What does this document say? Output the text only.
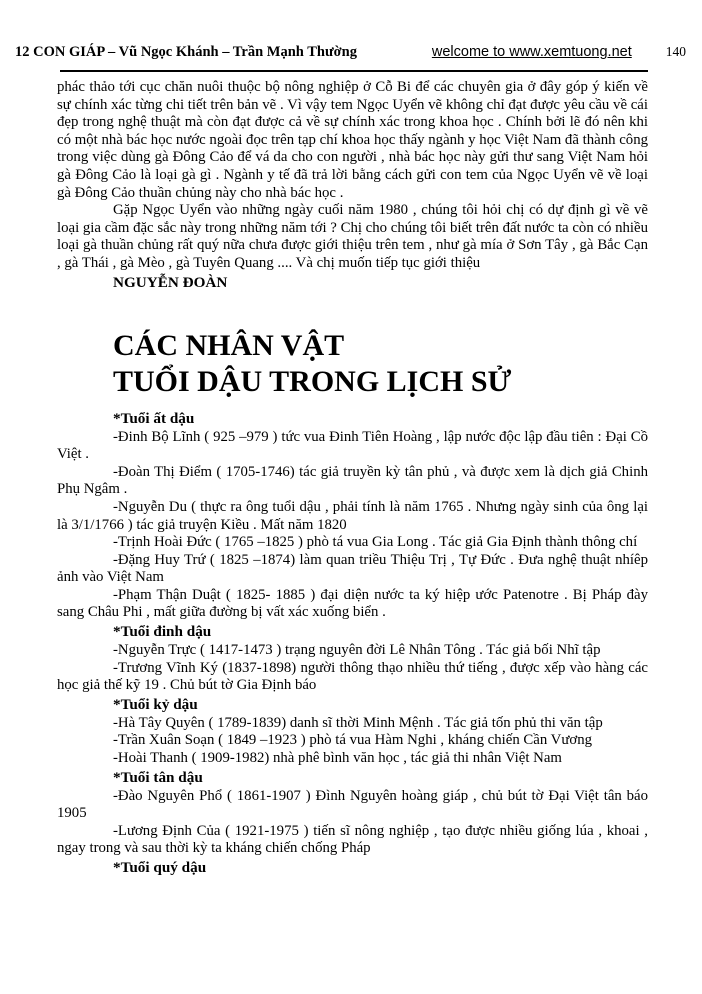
12 CON GIÁP – Vũ Ngọc Khánh – Trần Mạnh Thường	welcome to www.xemtuong.net	140

phác thảo tới cục chăn nuôi thuộc bộ nông nghiệp ở Cỗ Bi để các chuyên gia ở đây góp ý kiến về sự chính xác từng chi tiết trên bản vẽ . Vì vậy tem Ngọc Uyển vẽ không chỉ đạt được yêu cầu về cái đẹp trong nghệ thuật mà còn đạt được cả về sự chính xác trong khoa học . Chính bởi lẽ đó nên khi có một nhà bác học nước ngoài đọc trên tạp chí khoa học thấy ngành y học Việt Nam đã thành công trong việc dùng gà Đông Cảo để vá da cho con người , nhà bác học này gửi thư sang Việt Nam hỏi gà Đông Cảo là loại gà gì . Ngành y tế đã trả lời bằng cách gửi con tem của Ngọc Uyển vẽ về loại gà Đông Cảo thuần chủng này cho nhà bác học .

Gặp Ngọc Uyển vào những ngày cuối năm 1980 , chúng tôi hỏi chị có dự định gì về vẽ loại gia cầm đặc sắc này trong những năm tới ? Chị cho chúng tôi biết trên đất nước ta còn có nhiều loại gà thuần chủng rất quý nữa chưa được giới thiệu trên tem , như gà mía ở Sơn Tây , gà Bắc Cạn , gà Thái , gà Mèo , gà Tuyên Quang .... Và chị muốn tiếp tục giới thiệu

NGUYỄN ĐOÀN
CÁC NHÂN VẬT
TUỔI DẬU TRONG LỊCH SỬ
*Tuổi ất dậu

-Đinh Bộ Lĩnh ( 925 –979 ) tức vua Đinh Tiên Hoàng , lập nước độc lập đầu tiên : Đại Cồ Việt .

-Đoàn Thị Điểm ( 1705-1746) tác giả truyền kỳ tân phủ , và được xem là dịch giả Chinh Phụ Ngâm .

-Nguyễn Du ( thực ra ông tuổi dậu , phải tính là năm 1765 . Nhưng ngày sinh của ông lại là 3/1/1766 ) tác giả truyện Kiều . Mất năm 1820

-Trịnh Hoài Đức ( 1765 –1825 ) phò tá vua Gia Long . Tác giả Gia Định thành thông chí

-Đặng Huy Trứ ( 1825 –1874) làm quan triều Thiệu Trị , Tự Đức . Đưa nghệ thuật nhíêp ảnh vào Việt Nam

-Phạm Thận Duật ( 1825- 1885 ) đại diện nước ta ký hiệp ước Patenotre . Bị Pháp đày sang Châu Phi , mất giữa đường bị vất xác xuống biển .

*Tuổi đinh dậu

-Nguyễn Trực ( 1417-1473 ) trạng nguyên đời Lê Nhân Tông . Tác giả bối Nhĩ tập

-Trương Vĩnh Ký (1837-1898) người thông thạo nhiều thứ tiếng , được xếp vào hàng các học giả thế kỹ 19 . Chủ bút tờ Gia Định báo

*Tuổi kỷ dậu

-Hà Tây Quyên ( 1789-1839) danh sĩ thời Minh Mệnh . Tác giả tốn phủ thi văn tập

-Trần Xuân Soạn ( 1849 –1923 ) phò tá vua Hàm Nghi , kháng chiến Cần Vương

-Hoài Thanh ( 1909-1982) nhà phê bình văn học , tác giả thi nhân Việt Nam

*Tuổi tân dậu

-Đào Nguyên Phổ ( 1861-1907 ) Đình Nguyên hoàng giáp , chủ bút tờ Đại Việt tân báo 1905

-Lương Định Của ( 1921-1975 ) tiến sĩ nông nghiệp , tạo được nhiều giống lúa , khoai , ngay trong và sau thời kỳ ta kháng chiến chống Pháp

*Tuổi quý dậu
